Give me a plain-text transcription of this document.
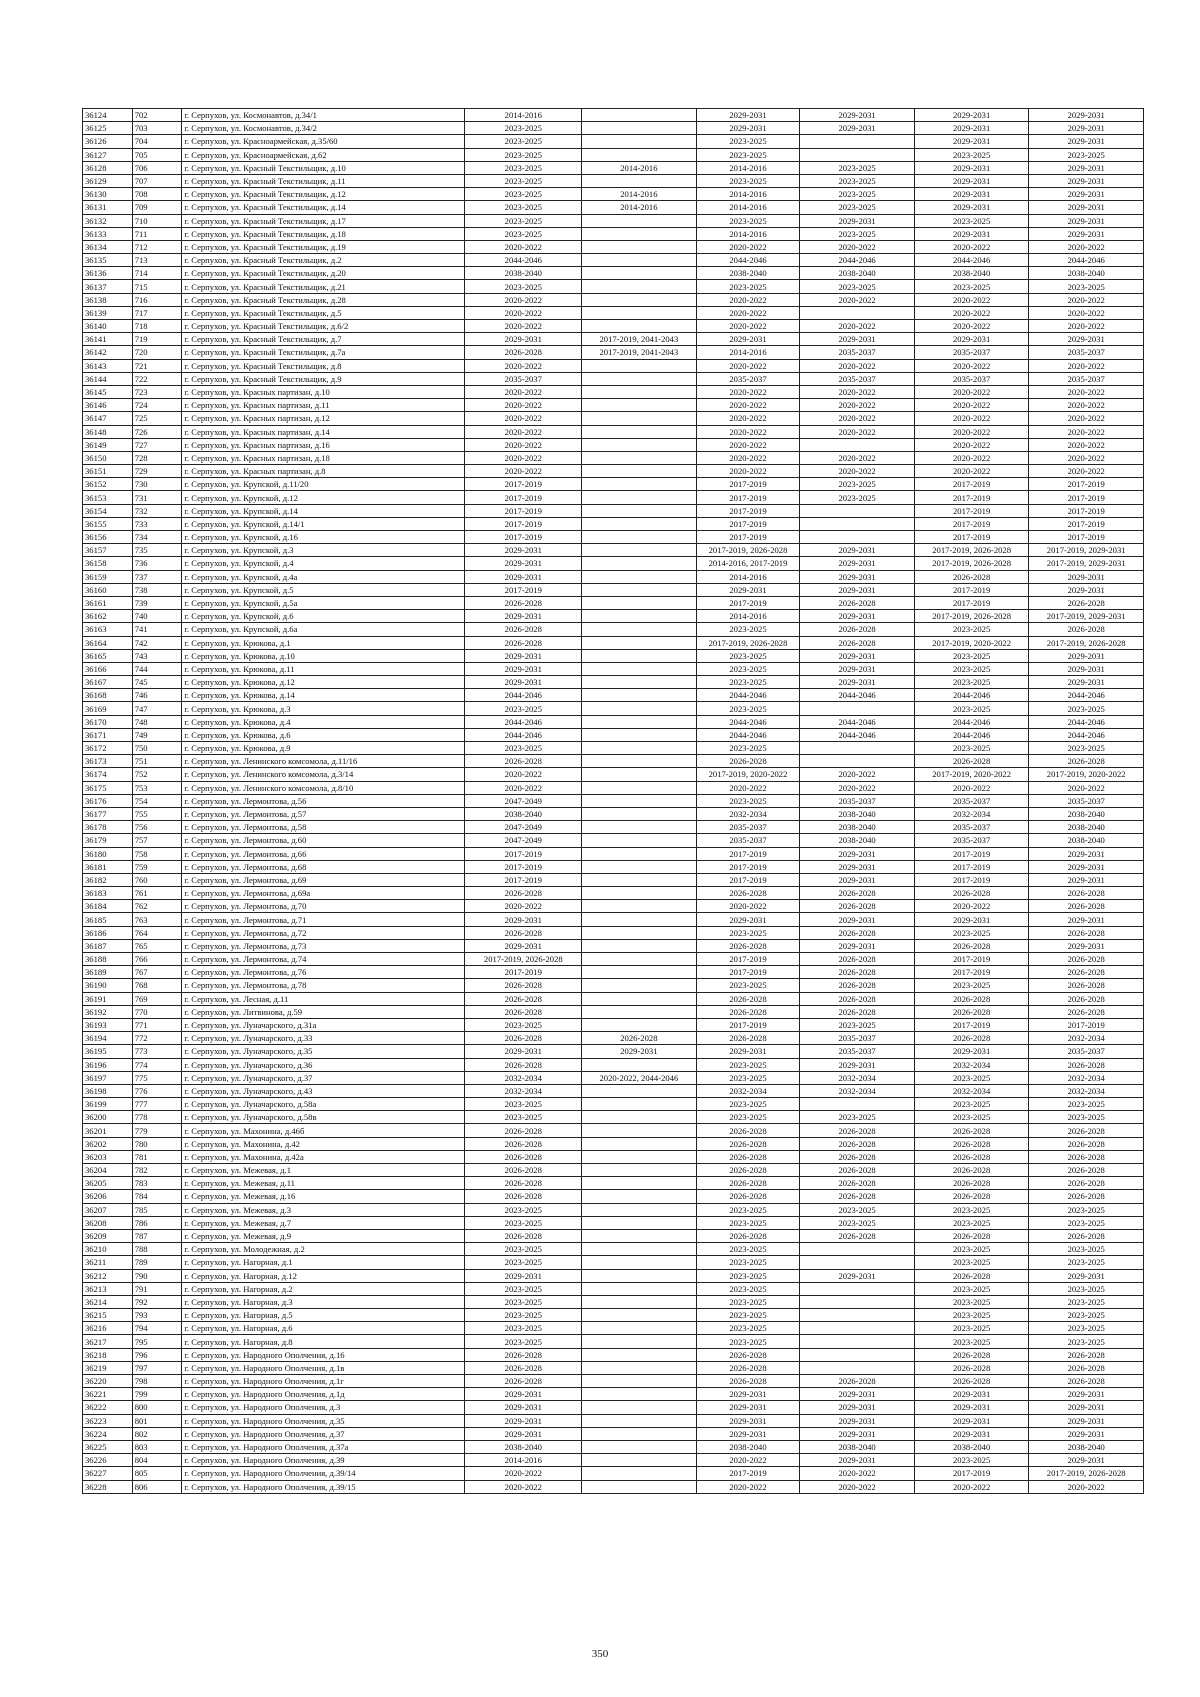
36124	702	г. Серпухов, ул. Космонавтов, д.34/1	2014-2016		2029-2031	2029-2031	2029-2031	2029-2031
36125	703	г. Серпухов, ул. Космонавтов, д.34/2	2023-2025		2029-2031	2029-2031	2029-2031	2029-2031
36126	704	г. Серпухов, ул. Красноармейская, д.35/60	2023-2025		2023-2025		2029-2031	2029-2031
36127	705	г. Серпухов, ул. Красноармейская, д.62	2023-2025		2023-2025		2023-2025	2023-2025
36128	706	г. Серпухов, ул. Красный Текстильщик, д.10	2023-2025	2014-2016	2014-2016	2023-2025	2029-2031	2029-2031
36129	707	г. Серпухов, ул. Красный Текстильщик, д.11	2023-2025		2023-2025	2023-2025	2029-2031	2029-2031
36130	708	г. Серпухов, ул. Красный Текстильщик, д.12	2023-2025	2014-2016	2014-2016	2023-2025	2029-2031	2029-2031
36131	709	г. Серпухов, ул. Красный Текстильщик, д.14	2023-2025	2014-2016	2014-2016	2023-2025	2029-2031	2029-2031
36132	710	г. Серпухов, ул. Красный Текстильщик, д.17	2023-2025		2023-2025	2029-2031	2023-2025	2029-2031
36133	711	г. Серпухов, ул. Красный Текстильщик, д.18	2023-2025		2014-2016	2023-2025	2029-2031	2029-2031
36134	712	г. Серпухов, ул. Красный Текстильщик, д.19	2020-2022		2020-2022	2020-2022	2020-2022	2020-2022
36135	713	г. Серпухов, ул. Красный Текстильщик, д.2	2044-2046		2044-2046	2044-2046	2044-2046	2044-2046
36136	714	г. Серпухов, ул. Красный Текстильщик, д.20	2038-2040		2038-2040	2038-2040	2038-2040	2038-2040
36137	715	г. Серпухов, ул. Красный Текстильщик, д.21	2023-2025		2023-2025	2023-2025	2023-2025	2023-2025
36138	716	г. Серпухов, ул. Красный Текстильщик, д.28	2020-2022		2020-2022	2020-2022	2020-2022	2020-2022
36139	717	г. Серпухов, ул. Красный Текстильщик, д.5	2020-2022		2020-2022		2020-2022	2020-2022
36140	718	г. Серпухов, ул. Красный Текстильщик, д.6/2	2020-2022		2020-2022	2020-2022	2020-2022	2020-2022
36141	719	г. Серпухов, ул. Красный Текстильщик, д.7	2029-2031	2017-2019, 2041-2043	2029-2031	2029-2031	2029-2031	2029-2031
36142	720	г. Серпухов, ул. Красный Текстильщик, д.7а	2026-2028	2017-2019, 2041-2043	2014-2016	2035-2037	2035-2037	2035-2037
36143	721	г. Серпухов, ул. Красный Текстильщик, д.8	2020-2022		2020-2022	2020-2022	2020-2022	2020-2022
36144	722	г. Серпухов, ул. Красный Текстильщик, д.9	2035-2037		2035-2037	2035-2037	2035-2037	2035-2037
36145	723	г. Серпухов, ул. Красных партизан, д.10	2020-2022		2020-2022	2020-2022	2020-2022	2020-2022
36146	724	г. Серпухов, ул. Красных партизан, д.11	2020-2022		2020-2022	2020-2022	2020-2022	2020-2022
36147	725	г. Серпухов, ул. Красных партизан, д.12	2020-2022		2020-2022	2020-2022	2020-2022	2020-2022
36148	726	г. Серпухов, ул. Красных партизан, д.14	2020-2022		2020-2022	2020-2022	2020-2022	2020-2022
36149	727	г. Серпухов, ул. Красных партизан, д.16	2020-2022		2020-2022		2020-2022	2020-2022
36150	728	г. Серпухов, ул. Красных партизан, д.18	2020-2022		2020-2022	2020-2022	2020-2022	2020-2022
36151	729	г. Серпухов, ул. Красных партизан, д.8	2020-2022		2020-2022	2020-2022	2020-2022	2020-2022
36152	730	г. Серпухов, ул. Крупской, д.11/20	2017-2019		2017-2019	2023-2025	2017-2019	2017-2019
36153	731	г. Серпухов, ул. Крупской, д.12	2017-2019		2017-2019	2023-2025	2017-2019	2017-2019
36154	732	г. Серпухов, ул. Крупской, д.14	2017-2019		2017-2019		2017-2019	2017-2019
36155	733	г. Серпухов, ул. Крупской, д.14/1	2017-2019		2017-2019		2017-2019	2017-2019
36156	734	г. Серпухов, ул. Крупской, д.16	2017-2019		2017-2019		2017-2019	2017-2019
36157	735	г. Серпухов, ул. Крупской, д.3	2029-2031		2017-2019, 2026-2028	2029-2031	2017-2019, 2026-2028	2017-2019, 2029-2031
36158	736	г. Серпухов, ул. Крупской, д.4	2029-2031		2014-2016, 2017-2019	2029-2031	2017-2019, 2026-2028	2017-2019, 2029-2031
36159	737	г. Серпухов, ул. Крупской, д.4а	2029-2031		2014-2016	2029-2031	2026-2028	2029-2031
36160	738	г. Серпухов, ул. Крупской, д.5	2017-2019		2029-2031	2029-2031	2017-2019	2029-2031
36161	739	г. Серпухов, ул. Крупской, д.5а	2026-2028		2017-2019	2026-2028	2017-2019	2026-2028
36162	740	г. Серпухов, ул. Крупской, д.6	2029-2031		2014-2016	2029-2031	2017-2019, 2026-2028	2017-2019, 2029-2031
36163	741	г. Серпухов, ул. Крупской, д.6а	2026-2028		2023-2025	2026-2028	2023-2025	2026-2028
36164	742	г. Серпухов, ул. Крюкова, д.1	2026-2028		2017-2019, 2026-2028	2026-2028	2017-2019, 2020-2022	2017-2019, 2026-2028
36165	743	г. Серпухов, ул. Крюкова, д.10	2029-2031		2023-2025	2029-2031	2023-2025	2029-2031
36166	744	г. Серпухов, ул. Крюкова, д.11	2029-2031		2023-2025	2029-2031	2023-2025	2029-2031
36167	745	г. Серпухов, ул. Крюкова, д.12	2029-2031		2023-2025	2029-2031	2023-2025	2029-2031
36168	746	г. Серпухов, ул. Крюкова, д.14	2044-2046		2044-2046	2044-2046	2044-2046	2044-2046
36169	747	г. Серпухов, ул. Крюкова, д.3	2023-2025		2023-2025		2023-2025	2023-2025
36170	748	г. Серпухов, ул. Крюкова, д.4	2044-2046		2044-2046	2044-2046	2044-2046	2044-2046
36171	749	г. Серпухов, ул. Крюкова, д.6	2044-2046		2044-2046	2044-2046	2044-2046	2044-2046
36172	750	г. Серпухов, ул. Крюкова, д.9	2023-2025		2023-2025		2023-2025	2023-2025
36173	751	г. Серпухов, ул. Ленинского комсомола, д.11/16	2026-2028		2026-2028		2026-2028	2026-2028
36174	752	г. Серпухов, ул. Ленинского комсомола, д.3/14	2020-2022		2017-2019, 2020-2022	2020-2022	2017-2019, 2020-2022	2017-2019, 2020-2022
36175	753	г. Серпухов, ул. Ленинского комсомола, д.8/10	2020-2022		2020-2022	2020-2022	2020-2022	2020-2022
36176	754	г. Серпухов, ул. Лермонтова, д.56	2047-2049		2023-2025	2035-2037	2035-2037	2035-2037
36177	755	г. Серпухов, ул. Лермонтова, д.57	2038-2040		2032-2034	2038-2040	2032-2034	2038-2040
36178	756	г. Серпухов, ул. Лермонтова, д.58	2047-2049		2035-2037	2038-2040	2035-2037	2038-2040
36179	757	г. Серпухов, ул. Лермонтова, д.60	2047-2049		2035-2037	2038-2040	2035-2037	2038-2040
36180	758	г. Серпухов, ул. Лермонтова, д.66	2017-2019		2017-2019	2029-2031	2017-2019	2029-2031
36181	759	г. Серпухов, ул. Лермонтова, д.68	2017-2019		2017-2019	2029-2031	2017-2019	2029-2031
36182	760	г. Серпухов, ул. Лермонтова, д.69	2017-2019		2017-2019	2029-2031	2017-2019	2029-2031
36183	761	г. Серпухов, ул. Лермонтова, д.69а	2026-2028		2026-2028	2026-2028	2026-2028	2026-2028
36184	762	г. Серпухов, ул. Лермонтова, д.70	2020-2022		2020-2022	2026-2028	2020-2022	2026-2028
36185	763	г. Серпухов, ул. Лермонтова, д.71	2029-2031		2029-2031	2029-2031	2029-2031	2029-2031
36186	764	г. Серпухов, ул. Лермонтова, д.72	2026-2028		2023-2025	2026-2028	2023-2025	2026-2028
36187	765	г. Серпухов, ул. Лермонтова, д.73	2029-2031		2026-2028	2029-2031	2026-2028	2029-2031
36188	766	г. Серпухов, ул. Лермонтова, д.74	2017-2019, 2026-2028		2017-2019	2026-2028	2017-2019	2026-2028
36189	767	г. Серпухов, ул. Лермонтова, д.76	2017-2019		2017-2019	2026-2028	2017-2019	2026-2028
36190	768	г. Серпухов, ул. Лермонтова, д.78	2026-2028		2023-2025	2026-2028	2023-2025	2026-2028
36191	769	г. Серпухов, ул. Лесная, д.11	2026-2028		2026-2028	2026-2028	2026-2028	2026-2028
36192	770	г. Серпухов, ул. Литвинова, д.59	2026-2028		2026-2028	2026-2028	2026-2028	2026-2028
36193	771	г. Серпухов, ул. Луначарского, д.31а	2023-2025		2017-2019	2023-2025	2017-2019	2017-2019
36194	772	г. Серпухов, ул. Луначарского, д.33	2026-2028	2026-2028	2026-2028	2035-2037	2026-2028	2032-2034
36195	773	г. Серпухов, ул. Луначарского, д.35	2029-2031	2029-2031	2029-2031	2035-2037	2029-2031	2035-2037
36196	774	г. Серпухов, ул. Луначарского, д.36	2026-2028		2023-2025	2029-2031	2032-2034	2026-2028
36197	775	г. Серпухов, ул. Луначарского, д.37	2032-2034	2020-2022, 2044-2046	2023-2025	2032-2034	2023-2025	2032-2034
36198	776	г. Серпухов, ул. Луначарского, д.43	2032-2034		2032-2034	2032-2034	2032-2034	2032-2034
36199	777	г. Серпухов, ул. Луначарского, д.58а	2023-2025		2023-2025		2023-2025	2023-2025
36200	778	г. Серпухов, ул. Луначарского, д.58в	2023-2025		2023-2025	2023-2025	2023-2025	2023-2025
36201	779	г. Серпухов, ул. Махонина, д.46б	2026-2028		2026-2028	2026-2028	2026-2028	2026-2028
36202	780	г. Серпухов, ул. Махонина, д.42	2026-2028		2026-2028	2026-2028	2026-2028	2026-2028
36203	781	г. Серпухов, ул. Махонина, д.42а	2026-2028		2026-2028	2026-2028	2026-2028	2026-2028
36204	782	г. Серпухов, ул. Межевая, д.1	2026-2028		2026-2028	2026-2028	2026-2028	2026-2028
36205	783	г. Серпухов, ул. Межевая, д.11	2026-2028		2026-2028	2026-2028	2026-2028	2026-2028
36206	784	г. Серпухов, ул. Межевая, д.16	2026-2028		2026-2028	2026-2028	2026-2028	2026-2028
36207	785	г. Серпухов, ул. Межевая, д.3	2023-2025		2023-2025	2023-2025	2023-2025	2023-2025
36208	786	г. Серпухов, ул. Межевая, д.7	2023-2025		2023-2025	2023-2025	2023-2025	2023-2025
36209	787	г. Серпухов, ул. Межевая, д.9	2026-2028		2026-2028	2026-2028	2026-2028	2026-2028
36210	788	г. Серпухов, ул. Молодежная, д.2	2023-2025		2023-2025		2023-2025	2023-2025
36211	789	г. Серпухов, ул. Нагорная, д.1	2023-2025		2023-2025		2023-2025	2023-2025
36212	790	г. Серпухов, ул. Нагорная, д.12	2029-2031		2023-2025	2029-2031	2026-2028	2029-2031
36213	791	г. Серпухов, ул. Нагорная, д.2	2023-2025		2023-2025		2023-2025	2023-2025
36214	792	г. Серпухов, ул. Нагорная, д.3	2023-2025		2023-2025		2023-2025	2023-2025
36215	793	г. Серпухов, ул. Нагорная, д.5	2023-2025		2023-2025		2023-2025	2023-2025
36216	794	г. Серпухов, ул. Нагорная, д.6	2023-2025		2023-2025		2023-2025	2023-2025
36217	795	г. Серпухов, ул. Нагорная, д.8	2023-2025		2023-2025		2023-2025	2023-2025
36218	796	г. Серпухов, ул. Народного Ополчения, д.16	2026-2028		2026-2028		2026-2028	2026-2028
36219	797	г. Серпухов, ул. Народного Ополчения, д.1в	2026-2028		2026-2028		2026-2028	2026-2028
36220	798	г. Серпухов, ул. Народного Ополчения, д.1г	2026-2028		2026-2028	2026-2028	2026-2028	2026-2028
36221	799	г. Серпухов, ул. Народного Ополчения, д.1д	2029-2031		2029-2031	2029-2031	2029-2031	2029-2031
36222	800	г. Серпухов, ул. Народного Ополчения, д.3	2029-2031		2029-2031	2029-2031	2029-2031	2029-2031
36223	801	г. Серпухов, ул. Народного Ополчения, д.35	2029-2031		2029-2031	2029-2031	2029-2031	2029-2031
36224	802	г. Серпухов, ул. Народного Ополчения, д.37	2029-2031		2029-2031	2029-2031	2029-2031	2029-2031
36225	803	г. Серпухов, ул. Народного Ополчения, д.37а	2038-2040		2038-2040	2038-2040	2038-2040	2038-2040
36226	804	г. Серпухов, ул. Народного Ополчения, д.39	2014-2016		2020-2022	2029-2031	2023-2025	2029-2031
36227	805	г. Серпухов, ул. Народного Ополчения, д.39/14	2020-2022		2017-2019	2020-2022	2017-2019	2017-2019, 2026-2028
36228	806	г. Серпухов, ул. Народного Ополчения, д.39/15	2020-2022		2020-2022	2020-2022	2020-2022	2020-2022
350
